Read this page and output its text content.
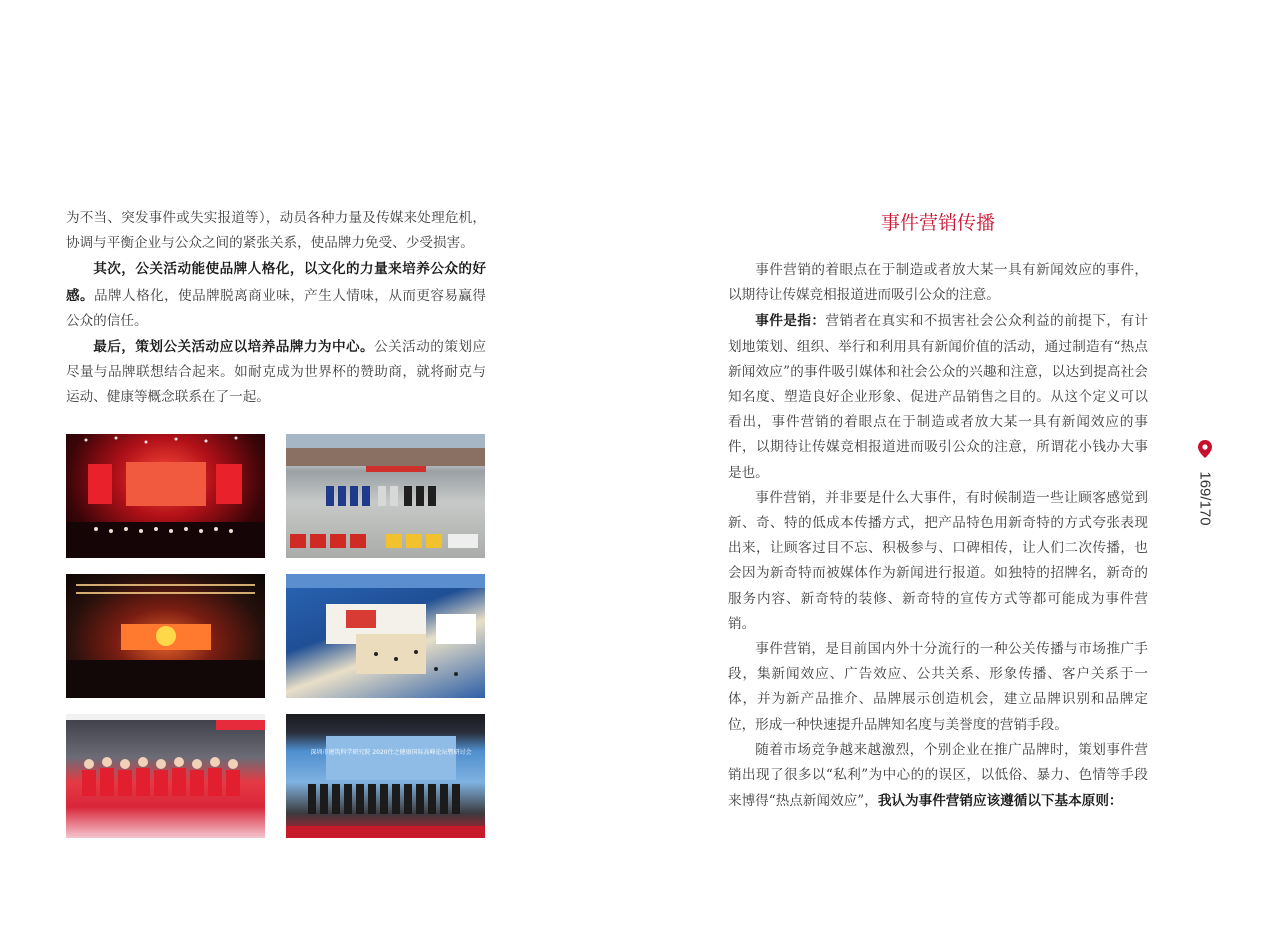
为不当、突发事件或失实报道等），动员各种力量及传媒来处理危机，协调与平衡企业与公众之间的紧张关系，使品牌力免受、少受损害。

其次，公关活动能使品牌人格化，以文化的力量来培养公众的好感。品牌人格化，使品牌脱离商业味，产生人情味，从而更容易赢得公众的信任。

最后，策划公关活动应以培养品牌力为中心。公关活动的策划应尽量与品牌联想结合起来。如耐克成为世界杯的赞助商，就将耐克与运动、健康等概念联系在了一起。

深圳市建筑科学研究院 2020住之健康国际高峰论坛暨研讨会
事件营销传播

事件营销的着眼点在于制造或者放大某一具有新闻效应的事件，以期待让传媒竞相报道进而吸引公众的注意。

事件是指：营销者在真实和不损害社会公众利益的前提下，有计划地策划、组织、举行和利用具有新闻价值的活动，通过制造有“热点新闻效应”的事件吸引媒体和社会公众的兴趣和注意，以达到提高社会知名度、塑造良好企业形象、促进产品销售之目的。从这个定义可以看出，事件营销的着眼点在于制造或者放大某一具有新闻效应的事件，以期待让传媒竞相报道进而吸引公众的注意，所谓花小钱办大事是也。

事件营销，并非要是什么大事件，有时候制造一些让顾客感觉到新、奇、特的低成本传播方式，把产品特色用新奇特的方式夸张表现出来，让顾客过目不忘、积极参与、口碑相传，让人们二次传播，也会因为新奇特而被媒体作为新闻进行报道。如独特的招牌名，新奇的服务内容、新奇特的装修、新奇特的宣传方式等都可能成为事件营销。

事件营销，是目前国内外十分流行的一种公关传播与市场推广手段，集新闻效应、广告效应、公共关系、形象传播、客户关系于一体，并为新产品推介、品牌展示创造机会，建立品牌识别和品牌定位，形成一种快速提升品牌知名度与美誉度的营销手段。

随着市场竞争越来越激烈，个别企业在推广品牌时，策划事件营销出现了很多以“私利”为中心的的误区，以低俗、暴力、色情等手段来博得“热点新闻效应”，我认为事件营销应该遵循以下基本原则：

169/170
